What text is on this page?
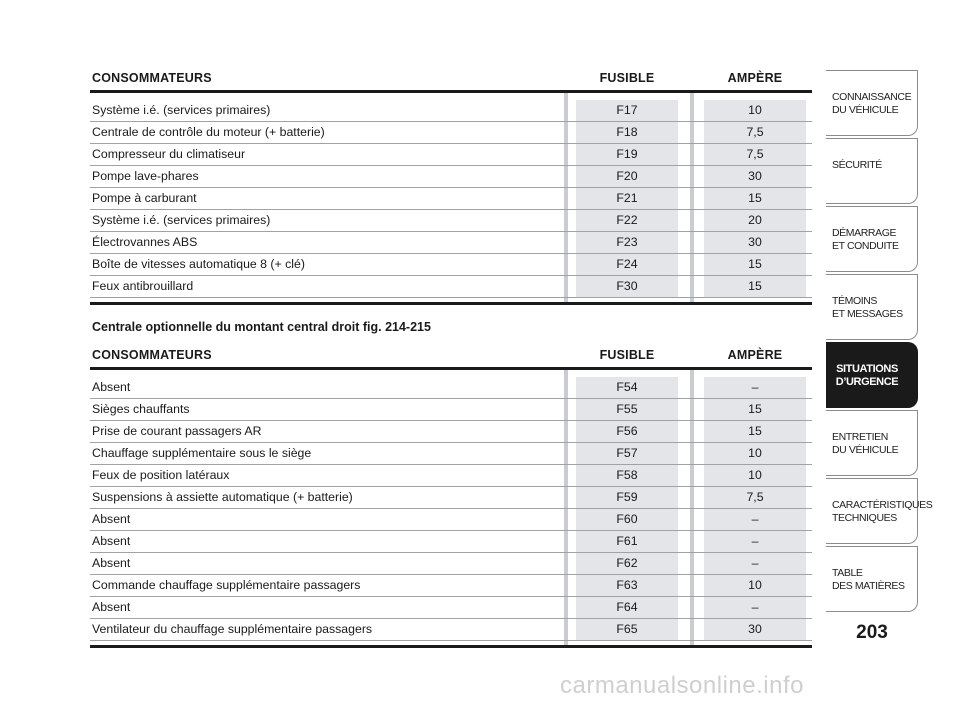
CONSOMMATEURS	FUSIBLE	AMPÈRE
Système i.é. (services primaires)	F17	10
Centrale de contrôle du moteur (+ batterie)	F18	7,5
Compresseur du climatiseur	F19	7,5
Pompe lave-phares	F20	30
Pompe à carburant	F21	15
Système i.é. (services primaires)	F22	20
Électrovannes ABS	F23	30
Boîte de vitesses automatique 8 (+ clé)	F24	15
Feux antibrouillard	F30	15
Centrale optionnelle du montant central droit fig. 214-215
CONSOMMATEURS	FUSIBLE	AMPÈRE
Absent	F54	–
Sièges chauffants	F55	15
Prise de courant passagers AR	F56	15
Chauffage supplémentaire sous le siège	F57	10
Feux de position latéraux	F58	10
Suspensions à assiette automatique (+ batterie)	F59	7,5
Absent	F60	–
Absent	F61	–
Absent	F62	–
Commande chauffage supplémentaire passagers	F63	10
Absent	F64	–
Ventilateur du chauffage supplémentaire passagers	F65	30
CONNAISSANCE
DU VÉHICULE
SÉCURITÉ
DÉMARRAGE
ET CONDUITE
TÉMOINS
ET MESSAGES
SITUATIONS
D’URGENCE
ENTRETIEN
DU VÉHICULE
CARACTÉRISTIQUES
TECHNIQUES
TABLE
DES MATIÈRES
203
carmanualsonline.info
